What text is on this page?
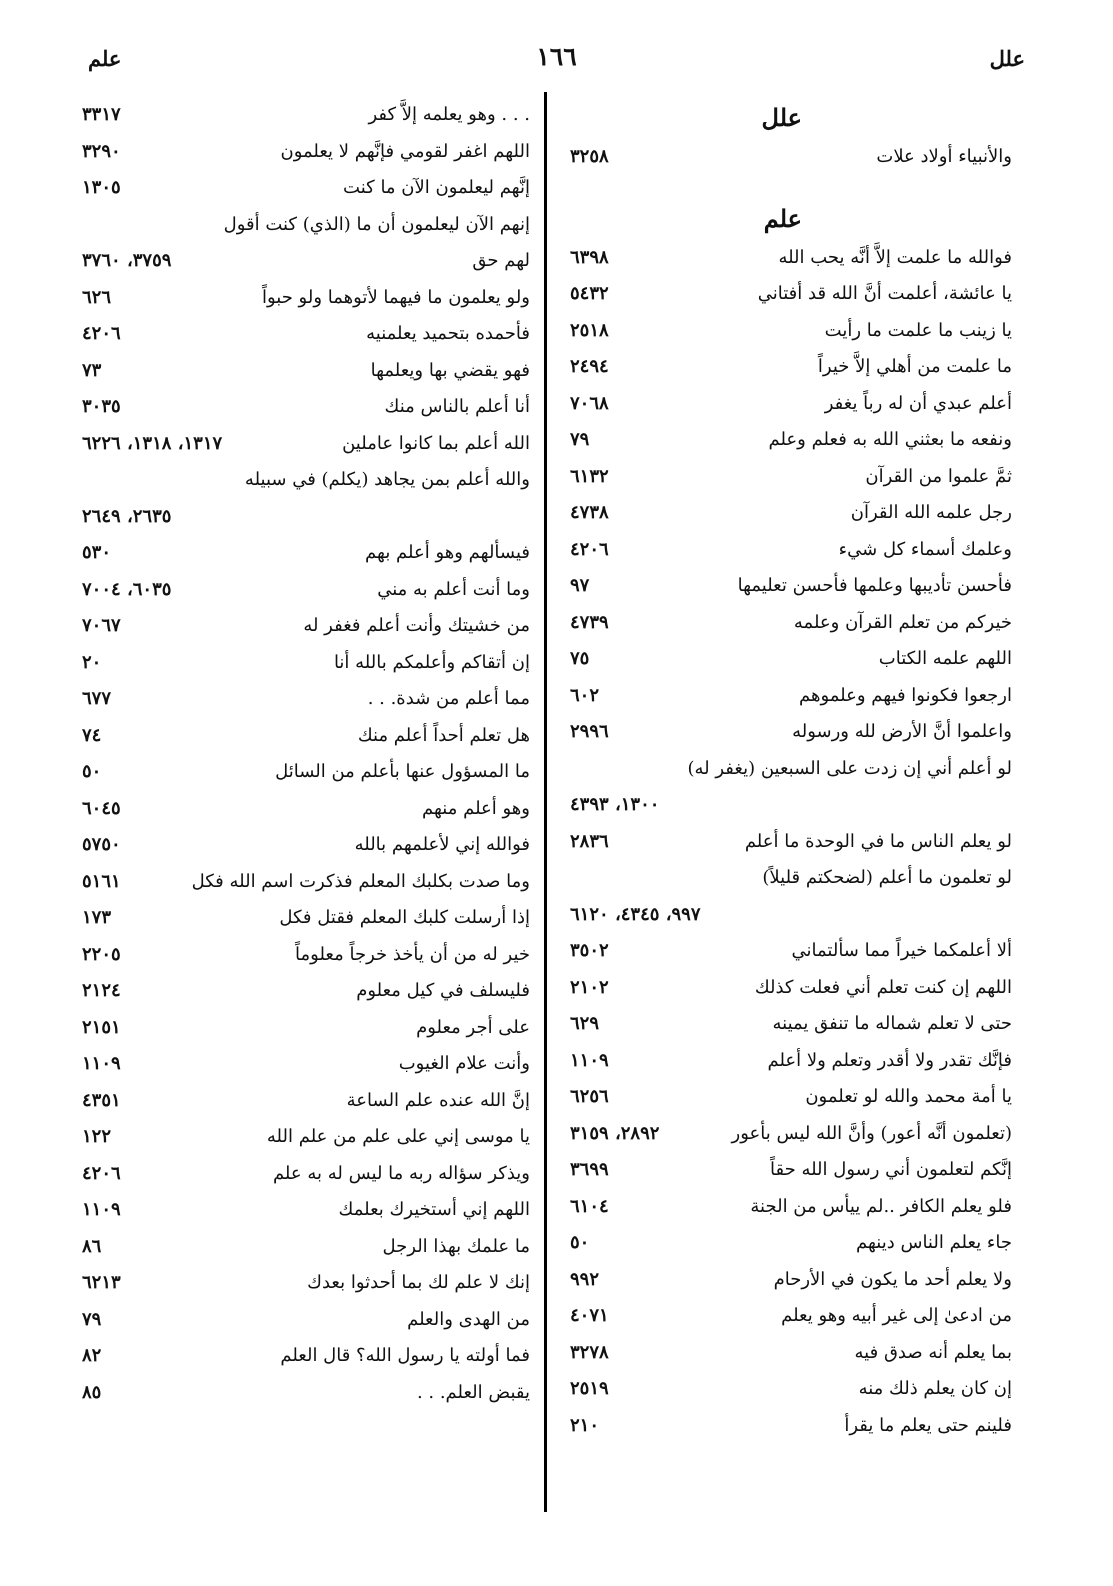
علل
١٦٦
علم
علل
والأنبياء أولاد علات
٣٢٥٨
علم
فوالله ما علمت إلاَّ أنَّه يحب الله
٦٣٩٨
يا عائشة، أعلمت أنَّ الله قد أفتاني
٥٤٣٢
يا زينب ما علمت ما رأيت
٢٥١٨
ما علمت من أهلي إلاَّ خيراً
٢٤٩٤
أعلم عبدي أن له رباً يغفر
٧٠٦٨
ونفعه ما بعثني الله به فعلم وعلم
٧٩
ثمَّ علموا من القرآن
٦١٣٢
رجل علمه الله القرآن
٤٧٣٨
وعلمك أسماء كل شيء
٤٢٠٦
فأحسن تأديبها وعلمها فأحسن تعليمها
٩٧
خيركم من تعلم القرآن وعلمه
٤٧٣٩
اللهم علمه الكتاب
٧٥
ارجعوا فكونوا فيهم وعلموهم
٦٠٢
واعلموا أنَّ الأرض لله ورسوله
٢٩٩٦
لو أعلم أني إن زدت على السبعين (يغفر له)
١٣٠٠، ٤٣٩٣
لو يعلم الناس ما في الوحدة ما أعلم
٢٨٣٦
لو تعلمون ما أعلم (لضحكتم قليلاً)
٩٩٧، ٤٣٤٥، ٦١٢٠
ألا أعلمكما خيراً مما سألتماني
٣٥٠٢
اللهم إن كنت تعلم أني فعلت كذلك
٢١٠٢
حتى لا تعلم شماله ما تنفق يمينه
٦٢٩
فإنَّك تقدر ولا أقدر وتعلم ولا أعلم
١١٠٩
يا أمة محمد والله لو تعلمون
٦٢٥٦
(تعلمون أنَّه أعور) وأنَّ الله ليس بأعور
٢٨٩٢، ٣١٥٩
إنَّكم لتعلمون أني رسول الله حقاً
٣٦٩٩
فلو يعلم الكافر ..لم ييأس من الجنة
٦١٠٤
جاء يعلم الناس دينهم
٥٠
ولا يعلم أحد ما يكون في الأرحام
٩٩٢
من ادعىٰ إلى غير أبيه وهو يعلم
٤٠٧١
بما يعلم أنه صدق فيه
٣٢٧٨
إن كان يعلم ذلك منه
٢٥١٩
فلينم حتى يعلم ما يقرأ
٢١٠
. . . وهو يعلمه إلاَّ كفر
٣٣١٧
اللهم اغفر لقومي فإنَّهم لا يعلمون
٣٢٩٠
إنَّهم ليعلمون الآن ما كنت
١٣٠٥
إنهم الآن ليعلمون أن ما (الذي) كنت أقول
لهم حق
٣٧٥٩، ٣٧٦٠
ولو يعلمون ما فيهما لأتوهما ولو حبواً
٦٢٦
فأحمده بتحميد يعلمنيه
٤٢٠٦
فهو يقضي بها ويعلمها
٧٣
أنا أعلم بالناس منك
٣٠٣٥
الله أعلم بما كانوا عاملين
١٣١٧، ١٣١٨، ٦٢٢٦
والله أعلم بمن يجاهد (يكلم) في سبيله
٢٦٣٥، ٢٦٤٩
فيسألهم وهو أعلم بهم
٥٣٠
وما أنت أعلم به مني
٦٠٣٥، ٧٠٠٤
من خشيتك وأنت أعلم فغفر له
٧٠٦٧
إن أتقاكم وأعلمكم بالله أنا
٢٠
مما أعلم من شدة. . .
٦٧٧
هل تعلم أحداً أعلم منك
٧٤
ما المسؤول عنها بأعلم من السائل
٥٠
وهو أعلم منهم
٦٠٤٥
فوالله إني لأعلمهم بالله
٥٧٥٠
وما صدت بكلبك المعلم فذكرت اسم الله فكل
٥١٦١
إذا أرسلت كلبك المعلم فقتل فكل
١٧٣
خير له من أن يأخذ خرجاً معلوماً
٢٢٠٥
فليسلف في كيل معلوم
٢١٢٤
على أجر معلوم
٢١٥١
وأنت علام الغيوب
١١٠٩
إنَّ الله عنده علم الساعة
٤٣٥١
يا موسى إني على علم من علم الله
١٢٢
ويذكر سؤاله ربه ما ليس له به علم
٤٢٠٦
اللهم إني أستخيرك بعلمك
١١٠٩
ما علمك بهذا الرجل
٨٦
إنك لا علم لك بما أحدثوا بعدك
٦٢١٣
من الهدى والعلم
٧٩
فما أولته يا رسول الله؟ قال العلم
٨٢
يقبض العلم. . .
٨٥
